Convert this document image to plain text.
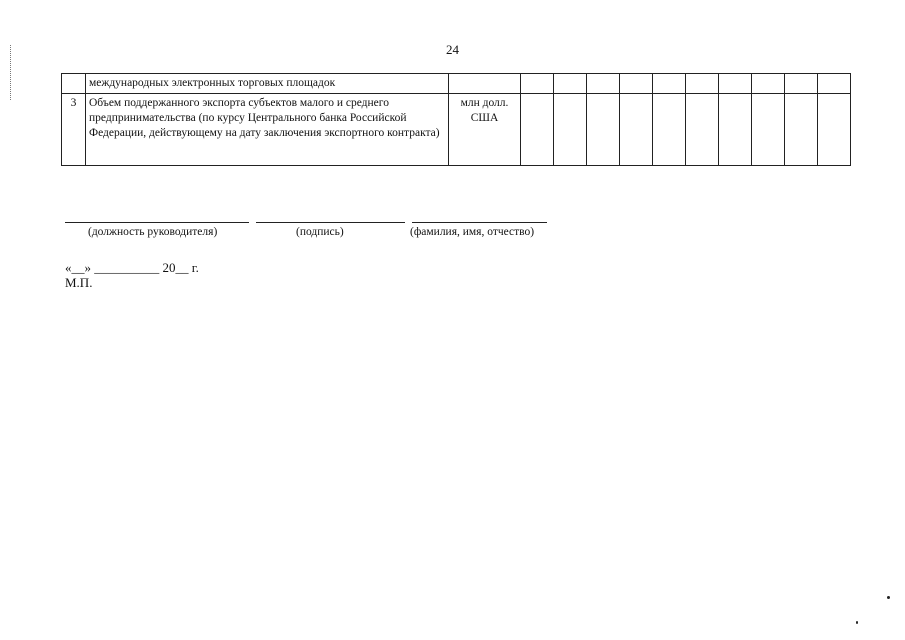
24
	международных электронных торговых площадок											
3	Объем поддержанного экспорта субъектов малого и среднего предпринимательства (по курсу Центрального банка Российской Федерации, действующему на дату заключения экспортного контракта)	млн долл. США										
(должность руководителя)	(подпись)	(фамилия, имя, отчество)
«__» __________ 20__ г.
М.П.
